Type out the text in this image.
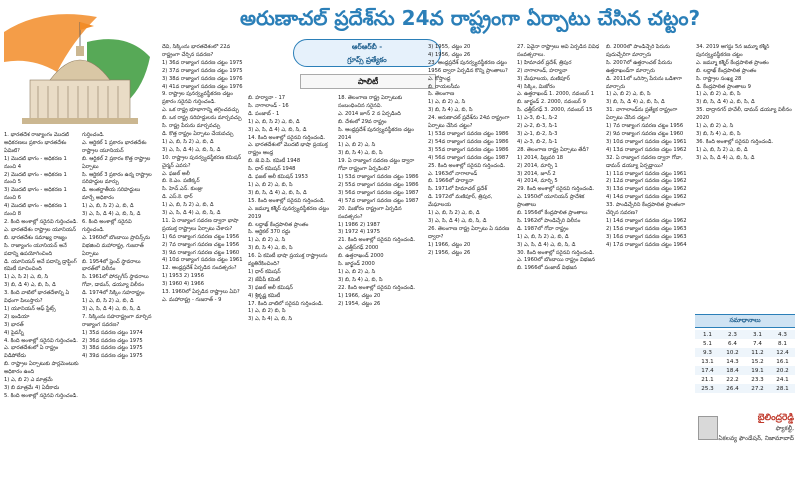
అరుణాచల్ ప్రదేశ్‌ను 24వ రాష్ట్రంగా ఏర్పాటు చేసిన చట్టం?
ఆర్‌ఆర్‌బీ -
గ్రూప్స్ ప్రత్యేకం
పాలిటీ

1. భారతదేశ రాజ్యాంగం మొదటి అధికరణలు ప్రకారం భారతదేశం ఏమిటి?

1) మొదటి భాగం - అధికరణ 1 నుంచి 4

2) మొదటి భాగం - అధికరణ 1 నుంచి 5

3) మొదటి భాగం - అధికరణ 1 నుంచి 6

4) మొదటి భాగం - అధికరణ 1 నుంచి 8

2. కింది అంశాల్లో సరైనవి గుర్తించండి.

ఎ. భారతదేశం రాష్ట్రాల యూనియన్

బి. భారతదేశం సమాఖ్య రాజ్యం

సి. రాజ్యాంగం యూనియన్ అనే పదాన్ని ఉపయోగించింది

డి. యూనియన్ అనే పదాన్ని డ్రాఫ్టింగ్ కమిటీ సూచించింది

1) ఎ, సి 2) ఎ, బి, సి

3) బి, డి 4) ఎ, బి, సి, డి

3. కింది వాటిలో భారతదేశాన్ని ఏ విధంగా పిలుస్తారు?

1) యూనియన్ ఆఫ్ స్టేట్స్

2) ఇండియా

3) భారత్

4) పైవన్నీ

4. కింది అంశాల్లో సరైనవి గుర్తించండి.

ఎ. భారతదేశంలో ఏ రాష్ట్రం విడిపోలేదు

బి. రాష్ట్రాల ఏర్పాటుకు పార్లమెంటుకు అధికారం ఉంది

1) ఎ, బి 2) ఎ మాత్రమే

3) బి మాత్రమే 4) ఏదీకాదు

5. కింది అంశాల్లో సరైనవి గుర్తించండి.

గుర్తించండి.

ఎ. ఆర్టికల్ 1 ప్రకారం భారతదేశం రాష్ట్రాల యూనియన్

బి. ఆర్టికల్ 2 ప్రకారం కొత్త రాష్ట్రాల ఏర్పాటు

సి. ఆర్టికల్ 3 ప్రకారం ఉన్న రాష్ట్రాల సరిహద్దుల మార్పు

డి. అంతర్జాతీయ సరిహద్దులు మార్చే అధికారం

1) ఎ, బి, సి 2) ఎ, బి, డి

3) ఎ, సి, డి 4) ఎ, బి, సి, డి

6. కింది అంశాల్లో సరైనవి గుర్తించండి.

ఎ. 1960లో బొంబాయి ప్రావిన్స్‌ను విభజించి మహారాష్ట్ర, గుజరాత్ ఏర్పాటు

బి. 1954లో ఫ్రెంచ్ స్థావరాలు భారత్‌లో విలీనం

సి. 1961లో పోర్చుగీస్ స్థావరాలు గోవా, డామన్, డయ్యూ విలీనం

డి. 1974లో సిక్కిం సహరాష్ట్రం

1) ఎ, బి, సి 2) ఎ, బి, డి

3) ఎ, సి, డి 4) ఎ, బి, సి, డి

7. సిక్కింను సహరాష్ట్రంగా మార్చిన రాజ్యాంగ సవరణ?

1) 35వ సవరణ చట్టం 1974

2) 36వ సవరణ చట్టం 1975

3) 38వ సవరణ చట్టం 1975

4) 39వ సవరణ చట్టం 1975

దేవి, సిక్కింను భారతదేశంలో 22వ రాష్ట్రంగా చేర్చిన సవరణ?

1) 36వ రాజ్యాంగ సవరణ చట్టం 1975

2) 37వ రాజ్యాంగ సవరణ చట్టం 1975

3) 38వ రాజ్యాంగ సవరణ చట్టం 1976

4) 41వ రాజ్యాంగ సవరణ చట్టం 1976

9. రాష్ట్రాల పునర్వ్యవస్థీకరణ చట్టం ప్రకారం సరైనవి గుర్తించండి.

ఎ. ఒక రాష్ట్ర భూభాగాన్ని తగ్గించవచ్చు

బి. ఒక రాష్ట్ర సరిహద్దులను మార్చవచ్చు

సి. రాష్ట్ర పేరును మార్చవచ్చు

డి. కొత్త రాష్ట్రం ఏర్పాటు చేయవచ్చు

1) ఎ, బి, సి 2) ఎ, బి, డి

3) ఎ, సి, డి 4) ఎ, బి, సి, డి

10. రాష్ట్రాల పునర్వ్యవస్థీకరణ కమిషన్ చైర్మన్ ఎవరు?

ఎ. ఫజల్ అలీ

బి. కె.ఎం. పణిక్కర్

సి. హెచ్.ఎన్. కుంజ్రు

డి. ఎస్.కె. థార్

1) ఎ, బి, సి 2) ఎ, బి, డి

3) ఎ, సి, డి 4) ఎ, బి, సి, డి

11. ఏ రాజ్యాంగ సవరణ ద్వారా భాషా ప్రయుక్త రాష్ట్రాలు ఏర్పాటు చేశారు?

1) 6వ రాజ్యాంగ సవరణ చట్టం 1956

2) 7వ రాజ్యాంగ సవరణ చట్టం 1956

3) 9వ రాజ్యాంగ సవరణ చట్టం 1960

4) 10వ రాజ్యాంగ సవరణ చట్టం 1961

12. ఆంధ్రప్రదేశ్ ఏర్పడిన సంవత్సరం?

1) 1953 2) 1956

3) 1960 4) 1966

13. 1960లో ఏర్పడిన రాష్ట్రాలు ఏవి?

ఎ. మహారాష్ట్ర - గుజరాత్ - 9

బి. హర్యానా - 17

సి. నాగాలాండ్ - 16

డి. పంజాబ్ - 1

1) ఎ, బి, సి 2) ఎ, బి, డి

3) ఎ, సి, డి 4) ఎ, బి, సి, డి

14. కింది అంశాల్లో సరైనవి గుర్తించండి.

ఎ. భారతదేశంలో మొదటి భాషా ప్రయుక్త రాష్ట్రం ఆంధ్ర

బి. జె.వి.పి. కమిటీ 1948

సి. ధార్ కమిషన్ 1948

డి. ఫజల్ అలీ కమిషన్ 1953

1) ఎ, బి 2) ఎ, బి, సి

3) బి, సి, డి 4) ఎ, బి, సి, డి

15. కింది అంశాల్లో సరైనవి గుర్తించండి.

ఎ. జమ్మూ కశ్మీర్ పునర్వ్యవస్థీకరణ చట్టం 2019

బి. లద్దాఖ్ కేంద్రపాలిత ప్రాంతం

సి. ఆర్టికల్ 370 రద్దు

1) ఎ, బి 2) ఎ, సి

3) బి, సి 4) ఎ, బి, సి

16. ఏ కమిటీ భాషా ప్రయుక్త రాష్ట్రాలను వ్యతిరేకించింది?

1) ధార్ కమిషన్

2) జేవీపీ కమిటీ

3) ఫజల్ అలీ కమిషన్

4) శ్రీకృష్ణ కమిటీ

17. కింది వాటిలో సరైనవి గుర్తించండి.

1) ఎ, బి 2) బి, సి

3) ఎ, సి 4) ఎ, బి, సి

18. తెలంగాణ రాష్ట్ర ఏర్పాటుకు సంబంధించిన సరైనవి.

ఎ. 2014 జూన్ 2 న ఏర్పడింది

బి. దేశంలో 29వ రాష్ట్రం

సి. ఆంధ్రప్రదేశ్ పునర్వ్యవస్థీకరణ చట్టం 2014

1) ఎ, బి 2) ఎ, సి

3) బి, సి 4) ఎ, బి, సి

19. ఏ రాజ్యాంగ సవరణ చట్టం ద్వారా గోవా రాష్ట్రంగా ఏర్పడింది?

1) 53వ రాజ్యాంగ సవరణ చట్టం 1986

2) 55వ రాజ్యాంగ సవరణ చట్టం 1986

3) 56వ రాజ్యాంగ సవరణ చట్టం 1987

4) 57వ రాజ్యాంగ సవరణ చట్టం 1987

20. మిజోరం రాష్ట్రంగా ఏర్పడిన సంవత్సరం?

1) 1986 2) 1987

3) 1972 4) 1975

21. కింది అంశాల్లో సరైనవి గుర్తించండి.

ఎ. ఛత్తీస్‌గఢ్ 2000

బి. ఉత్తరాఖండ్ 2000

సి. జార్ఖండ్ 2000

1) ఎ, బి 2) ఎ, సి

3) బి, సి 4) ఎ, బి, సి

22. కింది అంశాల్లో సరైనవి గుర్తించండి.

1) 1966, చట్టం 20

2) 1954, చట్టం 26

3) 1955, చట్టం 20

4) 1956, చట్టం 26

23. ఆంధ్రప్రదేశ్ పునర్వ్యవస్థీకరణ చట్టం 1956 ద్వారా ఏర్పడిన కొన్ని ప్రాంతాలు?

ఎ. కోస్తాంధ్ర

బి. రాయలసీమ

సి. తెలంగాణ

1) ఎ, బి 2) ఎ, సి

3) బి, సి 4) ఎ, బి, సి

24. అరుణాచల్ ప్రదేశ్‌ను 24వ రాష్ట్రంగా ఏర్పాటు చేసిన చట్టం?

1) 53వ రాజ్యాంగ సవరణ చట్టం 1986

2) 54వ రాజ్యాంగ సవరణ చట్టం 1986

3) 55వ రాజ్యాంగ సవరణ చట్టం 1986

4) 56వ రాజ్యాంగ సవరణ చట్టం 1987

25. కింది అంశాల్లో సరైనవి గుర్తించండి.

ఎ. 1963లో నాగాలాండ్

బి. 1966లో హర్యానా

సి. 1971లో హిమాచల్ ప్రదేశ్

డి. 1972లో మణిపూర్, త్రిపుర, మేఘాలయ

1) ఎ, బి, సి 2) ఎ, బి, డి

3) ఎ, సి, డి 4) ఎ, బి, సి, డి

26. తెలంగాణ రాష్ట్ర ఏర్పాటు ఏ సవరణ ద్వారా?

1) 1966, చట్టం 20

2) 1956, చట్టం 26

27. ఏవైనా రాష్ట్రాలు అవి ఏర్పడిన వివిధ సంవత్సరాలు.

1) హిమాచల్ ప్రదేశ్, త్రిపుర

2) నాగాలాండ్, హర్యానా

3) మేఘాలయ, మణిపూర్

4) సిక్కిం, మిజోరం

ఎ. ఉత్తరాఖండ్ 1. 2000, నవంబర్ 1

బి. జార్ఖండ్ 2. 2000, నవంబర్ 9

సి. ఛత్తీస్‌గఢ్ 3. 2000, నవంబర్ 15

1) ఎ-3, బి-1, సి-2

2) ఎ-2, బి-3, సి-1

3) ఎ-1, బి-2, సి-3

4) ఎ-3, బి-2, సి-1

28. తెలంగాణ రాష్ట్ర ఏర్పాటు తేదీ?

1) 2014, ఫిబ్రవరి 18

2) 2014, మార్చి 1

3) 2014, జూన్ 2

4) 2014, మార్చి 5

29. కింది అంశాల్లో సరైనవి గుర్తించండి.

ఎ. 1950లో యూనియన్ ప్రాదేశిక ప్రాంతాలు

బి. 1956లో కేంద్రపాలిత ప్రాంతాలు

సి. 1962లో పాండిచ్చేరి విలీనం

డి. 1987లో గోవా రాష్ట్రం

1) ఎ, బి, సి 2) ఎ, బి, డి

3) ఎ, సి, డి 4) ఎ, బి, సి, డి

30. కింది అంశాల్లో సరైనవి గుర్తించండి.

ఎ. 1960లో బొంబాయి రాష్ట్రం విభజన

బి. 1966లో పంజాబ్ విభజన

బి. 2000లో పాండిచ్చేరి పేరును పుదుచ్చేరిగా మార్చారు

సి. 2007లో ఉత్తరాంచల్ పేరును ఉత్తరాఖండ్‌గా మార్చారు

డి. 2011లో ఒరిస్సా పేరును ఒడిశాగా మార్చారు

1) ఎ, బి 2) ఎ, బి, సి

3) బి, సి, డి 4) ఎ, బి, సి, డి

31. నాగాలాండ్‌ను ప్రత్యేక రాష్ట్రంగా ఏర్పాటు చేసిన చట్టం?

1) 7వ రాజ్యాంగ సవరణ చట్టం 1956

2) 9వ రాజ్యాంగ సవరణ చట్టం 1960

3) 10వ రాజ్యాంగ సవరణ చట్టం 1961

4) 13వ రాజ్యాంగ సవరణ చట్టం 1962

32. ఏ రాజ్యాంగ సవరణ ద్వారా గోవా, డామన్ డయ్యూ ఏర్పడ్డాయి?

1) 11వ రాజ్యాంగ సవరణ చట్టం 1961

2) 12వ రాజ్యాంగ సవరణ చట్టం 1962

3) 13వ రాజ్యాంగ సవరణ చట్టం 1962

4) 14వ రాజ్యాంగ సవరణ చట్టం 1962

33. పాండిచ్చేరిని కేంద్రపాలిత ప్రాంతంగా చేర్చిన సవరణ?

1) 14వ రాజ్యాంగ సవరణ చట్టం 1962

2) 15వ రాజ్యాంగ సవరణ చట్టం 1963

3) 16వ రాజ్యాంగ సవరణ చట్టం 1963

4) 17వ రాజ్యాంగ సవరణ చట్టం 1964

34. 2019 ఆగస్టు 5న జమ్మూ కశ్మీర్ పునర్వ్యవస్థీకరణ చట్టం

ఎ. జమ్మూ కశ్మీర్ కేంద్రపాలిత ప్రాంతం

బి. లద్దాఖ్ కేంద్రపాలిత ప్రాంతం

సి. రాష్ట్రాల సంఖ్య 28

డి. కేంద్రపాలిత ప్రాంతాలు 9

1) ఎ, బి 2) ఎ, బి, సి

3) బి, సి, డి 4) ఎ, బి, సి, డి

35. దాద్రానగర్ హవేలీ, డామన్ డయ్యూ విలీనం 2020

1) ఎ, బి 2) ఎ, సి

3) బి, సి 4) ఎ, బి, సి

36. కింది అంశాల్లో సరైనవి గుర్తించండి.

1) ఎ, బి, సి 2) ఎ, బి, డి

3) ఎ, సి, డి 4) ఎ, బి, సి, డి

సమాధానాలు
1.1	2.3	3.1	4.3
5.1	6.4	7.4	8.1
9.3	10.2	11.2	12.4
13.1	14.3	15.2	16.1
17.4	18.4	19.1	20.2
21.1	22.2	23.3	24.1
25.3	26.4	27.2	28.1
బైలింద్రరెడ్డి
ఫ్యాకల్టీ,
ఏకలవ్య ఫౌండేషన్, నిజామాబాద్
